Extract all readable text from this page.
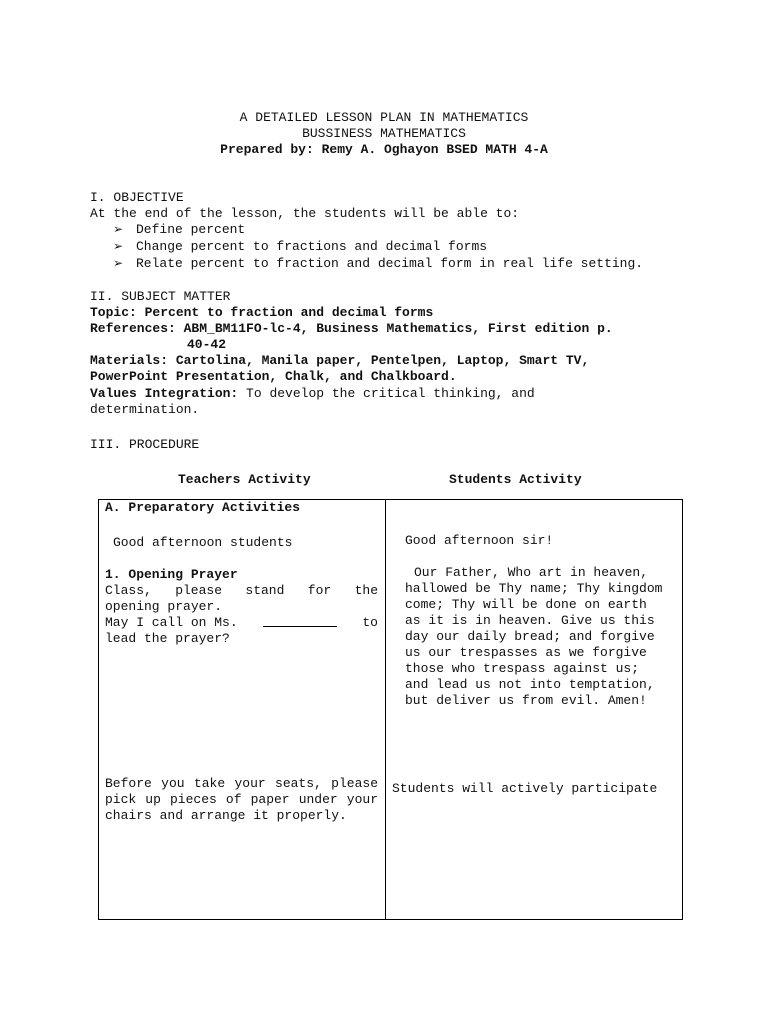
A DETAILED LESSON PLAN IN MATHEMATICS
BUSSINESS MATHEMATICS
Prepared by: Remy A. Oghayon BSED MATH 4-A
I. OBJECTIVE
At the end of the lesson, the students will be able to:
➢ Define percent
➢ Change percent to fractions and decimal forms
➢ Relate percent to fraction and decimal form in real life setting.
II. SUBJECT MATTER
Topic: Percent to fraction and decimal forms
References: ABM_BM11FO-lc-4, Business Mathematics, First edition p.
40-42
Materials: Cartolina, Manila paper, Pentelpen, Laptop, Smart TV,
PowerPoint Presentation, Chalk, and Chalkboard.
Values Integration: To develop the critical thinking, and
determination.
III. PROCEDURE
Teachers Activity	Students Activity
A. Preparatory Activities
Good afternoon students
1. Opening Prayer
Class, please stand for the opening prayer.
May I call on Ms.	to
lead the prayer?
Before you take your seats, please pick up pieces of paper under your chairs and arrange it properly.
Good afternoon sir!
Our Father, Who art in heaven, hallowed be Thy name; Thy kingdom come; Thy will be done on earth as it is in heaven. Give us this day our daily bread; and forgive us our trespasses as we forgive those who trespass against us; and lead us not into temptation, but deliver us from evil. Amen!
Students will actively participate
